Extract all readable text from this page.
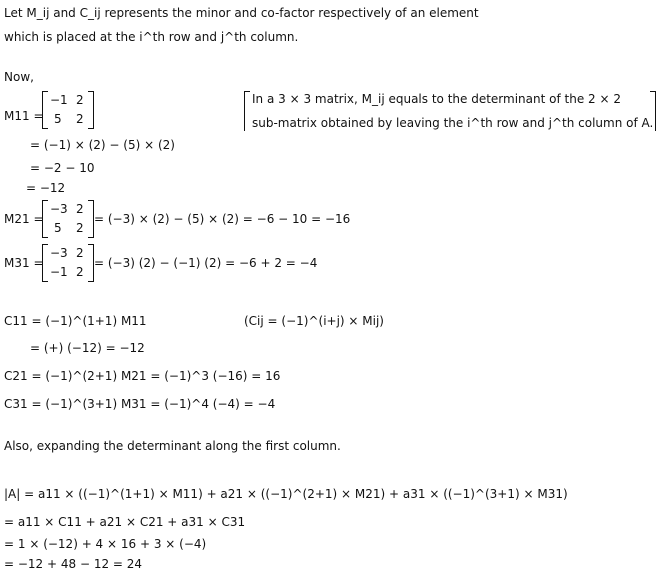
Let M_ij and C_ij represents the minor and co-factor respectively of an element
which is placed at the i^th row and j^th column.
Now,
In a 3 × 3 matrix, M_ij equals to the determinant of the 2 × 2
sub-matrix obtained by leaving the i^th row and j^th column of A.
M11 =
−1 2
5 2
= (−1) × (2) − (5) × (2)
= −2 − 10
= −12
M21 =
−3 2
5 2
= (−3) × (2) − (5) × (2) = −6 − 10 = −16
M31 =
−3 2
−1 2
= (−3) (2) − (−1) (2) = −6 + 2 = −4
C11 = (−1)^(1+1) M11	(Cij = (−1)^(i+j) × Mij)
= (+) (−12) = −12
C21 = (−1)^(2+1) M21 = (−1)^3 (−16) = 16
C31 = (−1)^(3+1) M31 = (−1)^4 (−4) = −4
Also, expanding the determinant along the first column.
|A| = a11 × ((−1)^(1+1) × M11) + a21 × ((−1)^(2+1) × M21) + a31 × ((−1)^(3+1) × M31)
= a11 × C11 + a21 × C21 + a31 × C31
= 1 × (−12) + 4 × 16 + 3 × (−4)
= −12 + 48 − 12 = 24
